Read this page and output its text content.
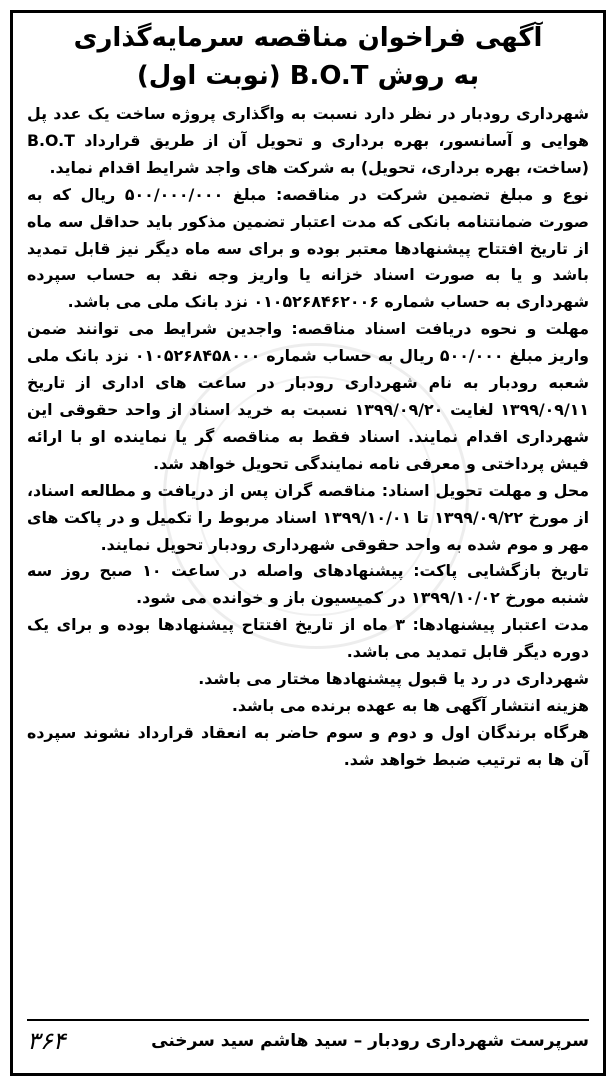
آگهی فراخوان مناقصه سرمایه‌گذاری
به روش B.O.T (نوبت اول)

شهرداری رودبار در نظر دارد نسبت به واگذاری پروژه ساخت یک عدد پل هوایی و آسانسور، بهره برداری و تحویل آن از طریق قرارداد B.O.T (ساخت، بهره برداری، تحویل) به شرکت های واجد شرایط اقدام نماید.

نوع و مبلغ تضمین شرکت در مناقصه: مبلغ ۵۰۰/۰۰۰/۰۰۰ ریال که به صورت ضمانتنامه بانکی که مدت اعتبار تضمین مذکور باید حداقل سه ماه از تاریخ افتتاح پیشنهادها معتبر بوده و برای سه ماه دیگر نیز قابل تمدید باشد و یا به صورت اسناد خزانه یا واریز وجه نقد به حساب سپرده شهرداری به حساب شماره ۰۱۰۵۲۶۸۴۶۲۰۰۶ نزد بانک ملی می باشد.

مهلت و نحوه دریافت اسناد مناقصه: واجدین شرایط می توانند ضمن واریز مبلغ ۵۰۰/۰۰۰ ریال به حساب شماره ۰۱۰۵۲۶۸۴۵۸۰۰۰ نزد بانک ملی شعبه رودبار به نام شهرداری رودبار در ساعت های اداری از تاریخ ۱۳۹۹/۰۹/۱۱ لغایت ۱۳۹۹/۰۹/۲۰ نسبت به خرید اسناد از واحد حقوقی این شهرداری اقدام نمایند. اسناد فقط به مناقصه گر یا نماینده او با ارائه فیش پرداختی و معرفی نامه نمایندگی تحویل خواهد شد.

محل و مهلت تحویل اسناد: مناقصه گران پس از دریافت و مطالعه اسناد، از مورخ ۱۳۹۹/۰۹/۲۲ تا ۱۳۹۹/۱۰/۰۱ اسناد مربوط را تکمیل و در پاکت های مهر و موم شده به واحد حقوقی شهرداری رودبار تحویل نمایند.

تاریخ بازگشایی پاکت: پیشنهادهای واصله در ساعت ۱۰ صبح روز سه شنبه مورخ ۱۳۹۹/۱۰/۰۲ در کمیسیون باز و خوانده می شود.

مدت اعتبار پیشنهادها: ۳ ماه از تاریخ افتتاح پیشنهادها بوده و برای یک دوره دیگر قابل تمدید می باشد.

شهرداری در رد یا قبول پیشنهادها مختار می باشد.

هزینه انتشار آگهی ها به عهده برنده می باشد.

هرگاه برندگان اول و دوم و سوم حاضر به انعقاد قرارداد نشوند سپرده آن ها به ترتیب ضبط خواهد شد.

سرپرست شهرداری رودبار – سید هاشم سید سرخنی
۳۶۴
